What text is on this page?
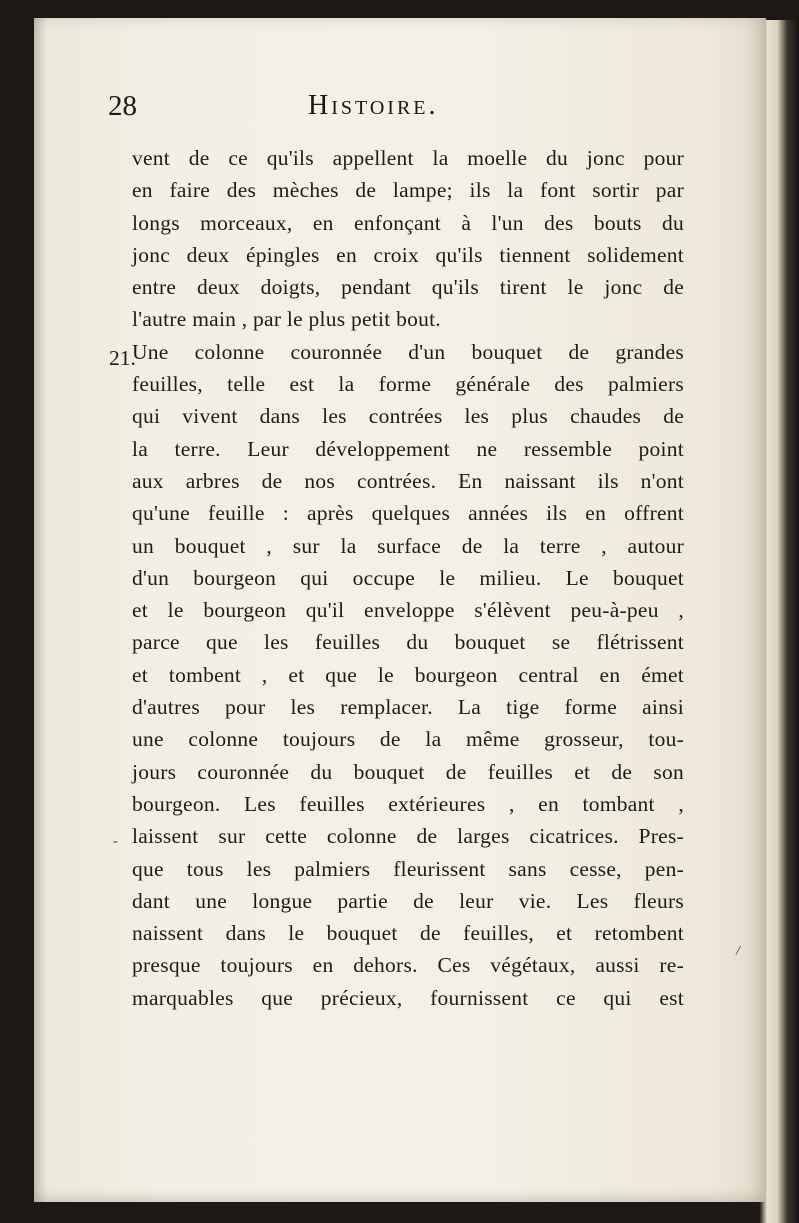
28	Histoire.
21.
vent de ce qu'ils appellent la moelle du jonc pour
en faire des mèches de lampe; ils la font sortir par
longs morceaux, en enfonçant à l'un des bouts du
jonc deux épingles en croix qu'ils tiennent solidement
entre deux doigts, pendant qu'ils tirent le jonc de
l'autre main , par le plus petit bout.
Une colonne couronnée d'un bouquet de grandes
feuilles, telle est la forme générale des palmiers
qui vivent dans les contrées les plus chaudes de
la terre. Leur développement ne ressemble point
aux arbres de nos contrées. En naissant ils n'ont
qu'une feuille : après quelques années ils en offrent
un bouquet , sur la surface de la terre , autour
d'un bourgeon qui occupe le milieu. Le bouquet
et le bourgeon qu'il enveloppe s'élèvent peu-à-peu ,
parce que les feuilles du bouquet se flétrissent
et tombent , et que le bourgeon central en émet
d'autres pour les remplacer. La tige forme ainsi
une colonne toujours de la même grosseur, tou-
jours couronnée du bouquet de feuilles et de son
bourgeon. Les feuilles extérieures , en tombant ,
laissent sur cette colonne de larges cicatrices. Pres-
que tous les palmiers fleurissent sans cesse, pen-
dant une longue partie de leur vie. Les fleurs
naissent dans le bouquet de feuilles, et retombent
presque toujours en dehors. Ces végétaux, aussi re-
marquables que précieux, fournissent ce qui est
-
/
